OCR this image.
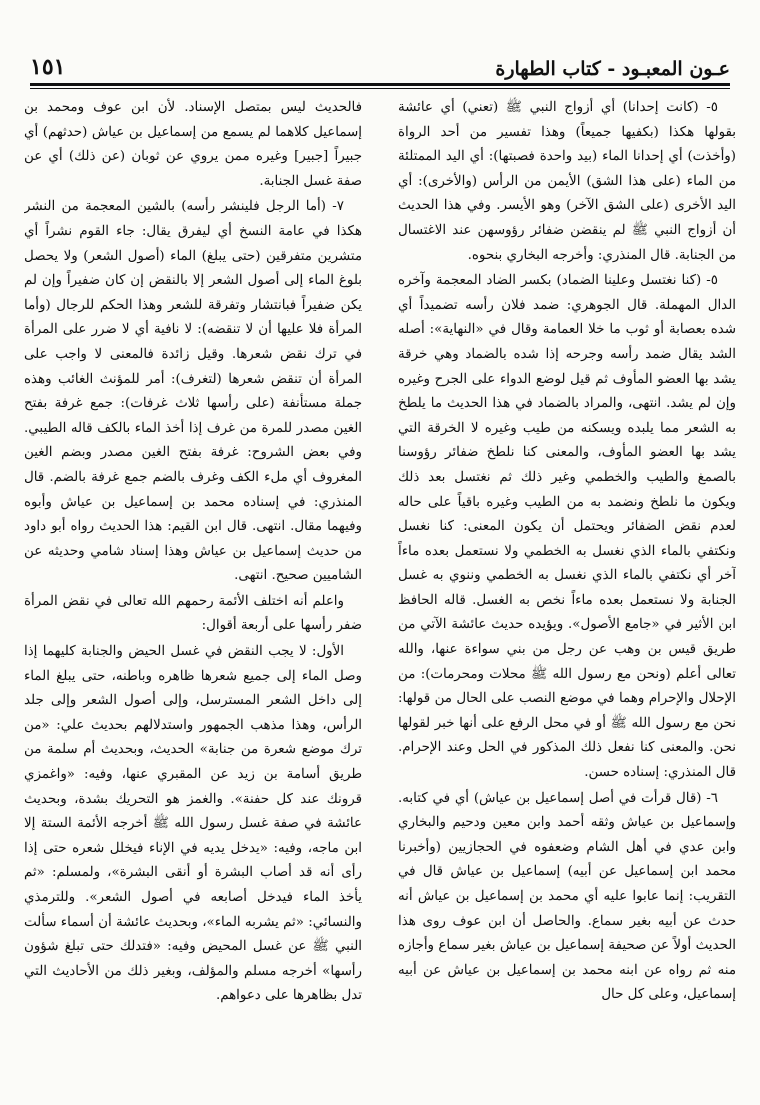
١٥١	عـون المعبـود - كتاب الطهارة

٥- (كانت إحدانا) أي أزواج النبي ﷺ (تعني) أي عائشة بقولها هكذا (بكفيها جميعاً) وهذا تفسير من أحد الرواة (وأخذت) أي إحدانا الماء (بيد واحدة فصبتها): أي اليد الممتلئة من الماء (على هذا الشق) الأيمن من الرأس (والأخرى): أي اليد الأخرى (على الشق الآخر) وهو الأيسر. وفي هذا الحديث أن أزواج النبي ﷺ لم ينقضن ضفائر رؤوسهن عند الاغتسال من الجنابة. قال المنذري: وأخرجه البخاري بنحوه.

٥- (كنا نغتسل وعلينا الضماد) بكسر الضاد المعجمة وآخره الدال المهملة. قال الجوهري: ضمد فلان رأسه تضميداً أي شده بعصابة أو ثوب ما خلا العمامة وقال في «النهاية»: أصله الشد يقال ضمد رأسه وجرحه إذا شده بالضماد وهي خرقة يشد بها العضو المأوف ثم قيل لوضع الدواء على الجرح وغيره وإن لم يشد. انتهى، والمراد بالضماد في هذا الحديث ما يلطخ به الشعر مما يلبده ويسكنه من طيب وغيره لا الخرقة التي يشد بها العضو المأوف، والمعنى كنا نلطخ ضفائر رؤوسنا بالصمغ والطيب والخطمي وغير ذلك ثم نغتسل بعد ذلك ويكون ما نلطخ ونضمد به من الطيب وغيره باقياً على حاله لعدم نقض الضفائر ويحتمل أن يكون المعنى: كنا نغسل ونكتفي بالماء الذي نغسل به الخطمي ولا نستعمل بعده ماءاً آخر أي نكتفي بالماء الذي نغسل به الخطمي وننوي به غسل الجنابة ولا نستعمل بعده ماءاً نخص به الغسل. قاله الحافظ ابن الأثير في «جامع الأصول». ويؤيده حديث عائشة الآتي من طريق قيس بن وهب عن رجل من بني سواءة عنها، والله تعالى أعلم (ونحن مع رسول الله ﷺ محلات ومحرمات): من الإحلال والإحرام وهما في موضع النصب على الحال من قولها: نحن مع رسول الله ﷺ أو في محل الرفع على أنها خبر لقولها نحن. والمعنى كنا نفعل ذلك المذكور في الحل وعند الإحرام. قال المنذري: إسناده حسن.

٦- (قال قرأت في أصل إسماعيل بن عياش) أي في كتابه. وإسماعيل بن عياش وثقه أحمد وابن معين ودحيم والبخاري وابن عدي في أهل الشام وضعفوه في الحجازيين (وأخبرنا محمد ابن إسماعيل عن أبيه) إسماعيل بن عياش قال في التقريب: إنما عابوا عليه أي محمد بن إسماعيل بن عياش أنه حدث عن أبيه بغير سماع. والحاصل أن ابن عوف روى هذا الحديث أولاً عن صحيفة إسماعيل بن عياش بغير سماع وأجازه منه ثم رواه عن ابنه محمد بن إسماعيل بن عياش عن أبيه إسماعيل، وعلى كل حال

فالحديث ليس بمتصل الإسناد. لأن ابن عوف ومحمد بن إسماعيل كلاهما لم يسمع من إسماعيل بن عياش (حدثهم) أي جبيراً [جبير] وغيره ممن يروي عن ثوبان (عن ذلك) أي عن صفة غسل الجنابة.

٧- (أما الرجل فلينشر رأسه) بالشين المعجمة من النشر هكذا في عامة النسخ أي ليفرق يقال: جاء القوم نشراً أي متشرين متفرقين (حتى يبلغ) الماء (أصول الشعر) ولا يحصل بلوغ الماء إلى أصول الشعر إلا بالنقض إن كان ضفيراً وإن لم يكن ضفيراً فبانتشار وتفرقة للشعر وهذا الحكم للرجال (وأما المرأة فلا عليها أن لا تنقضه): لا نافية أي لا ضرر على المرأة في ترك نقض شعرها. وقيل زائدة فالمعنى لا واجب على المرأة أن تنقض شعرها (لتغرف): أمر للمؤنث الغائب وهذه جملة مستأنفة (على رأسها ثلاث غرفات): جمع غرفة بفتح الغين مصدر للمرة من غرف إذا أخذ الماء بالكف قاله الطيبي. وفي بعض الشروح: غرفة بفتح الغين مصدر وبضم الغين المغروف أي ملء الكف وغرف بالضم جمع غرفة بالضم. قال المنذري: في إسناده محمد بن إسماعيل بن عياش وأبوه وفيهما مقال. انتهى. قال ابن القيم: هذا الحديث رواه أبو داود من حديث إسماعيل بن عياش وهذا إسناد شامي وحديثه عن الشاميين صحيح. انتهى.

واعلم أنه اختلف الأئمة رحمهم الله تعالى في نقض المرأة ضفر رأسها على أربعة أقوال:

الأول: لا يجب النقض في غسل الحيض والجنابة كليهما إذا وصل الماء إلى جميع شعرها ظاهره وباطنه، حتى يبلغ الماء إلى داخل الشعر المسترسل، وإلى أصول الشعر وإلى جلد الرأس، وهذا مذهب الجمهور واستدلالهم بحديث علي: «من ترك موضع شعرة من جنابة» الحديث، وبحديث أم سلمة من طريق أسامة بن زيد عن المقبري عنها، وفيه: «واغمزي قرونك عند كل حفنة». والغمز هو التحريك بشدة، وبحديث عائشة في صفة غسل رسول الله ﷺ أخرجه الأئمة الستة إلا ابن ماجه، وفيه: «يدخل يديه في الإناء فيخلل شعره حتى إذا رأى أنه قد أصاب البشرة أو أنقى البشرة»، ولمسلم: «ثم يأخذ الماء فيدخل أصابعه في أصول الشعر». وللترمذي والنسائي: «ثم يشربه الماء»، وبحديث عائشة أن أسماء سألت النبي ﷺ عن غسل المحيض وفيه: «فتدلك حتى تبلغ شؤون رأسها» أخرجه مسلم والمؤلف، وبغير ذلك من الأحاديث التي تدل بظاهرها على دعواهم.
